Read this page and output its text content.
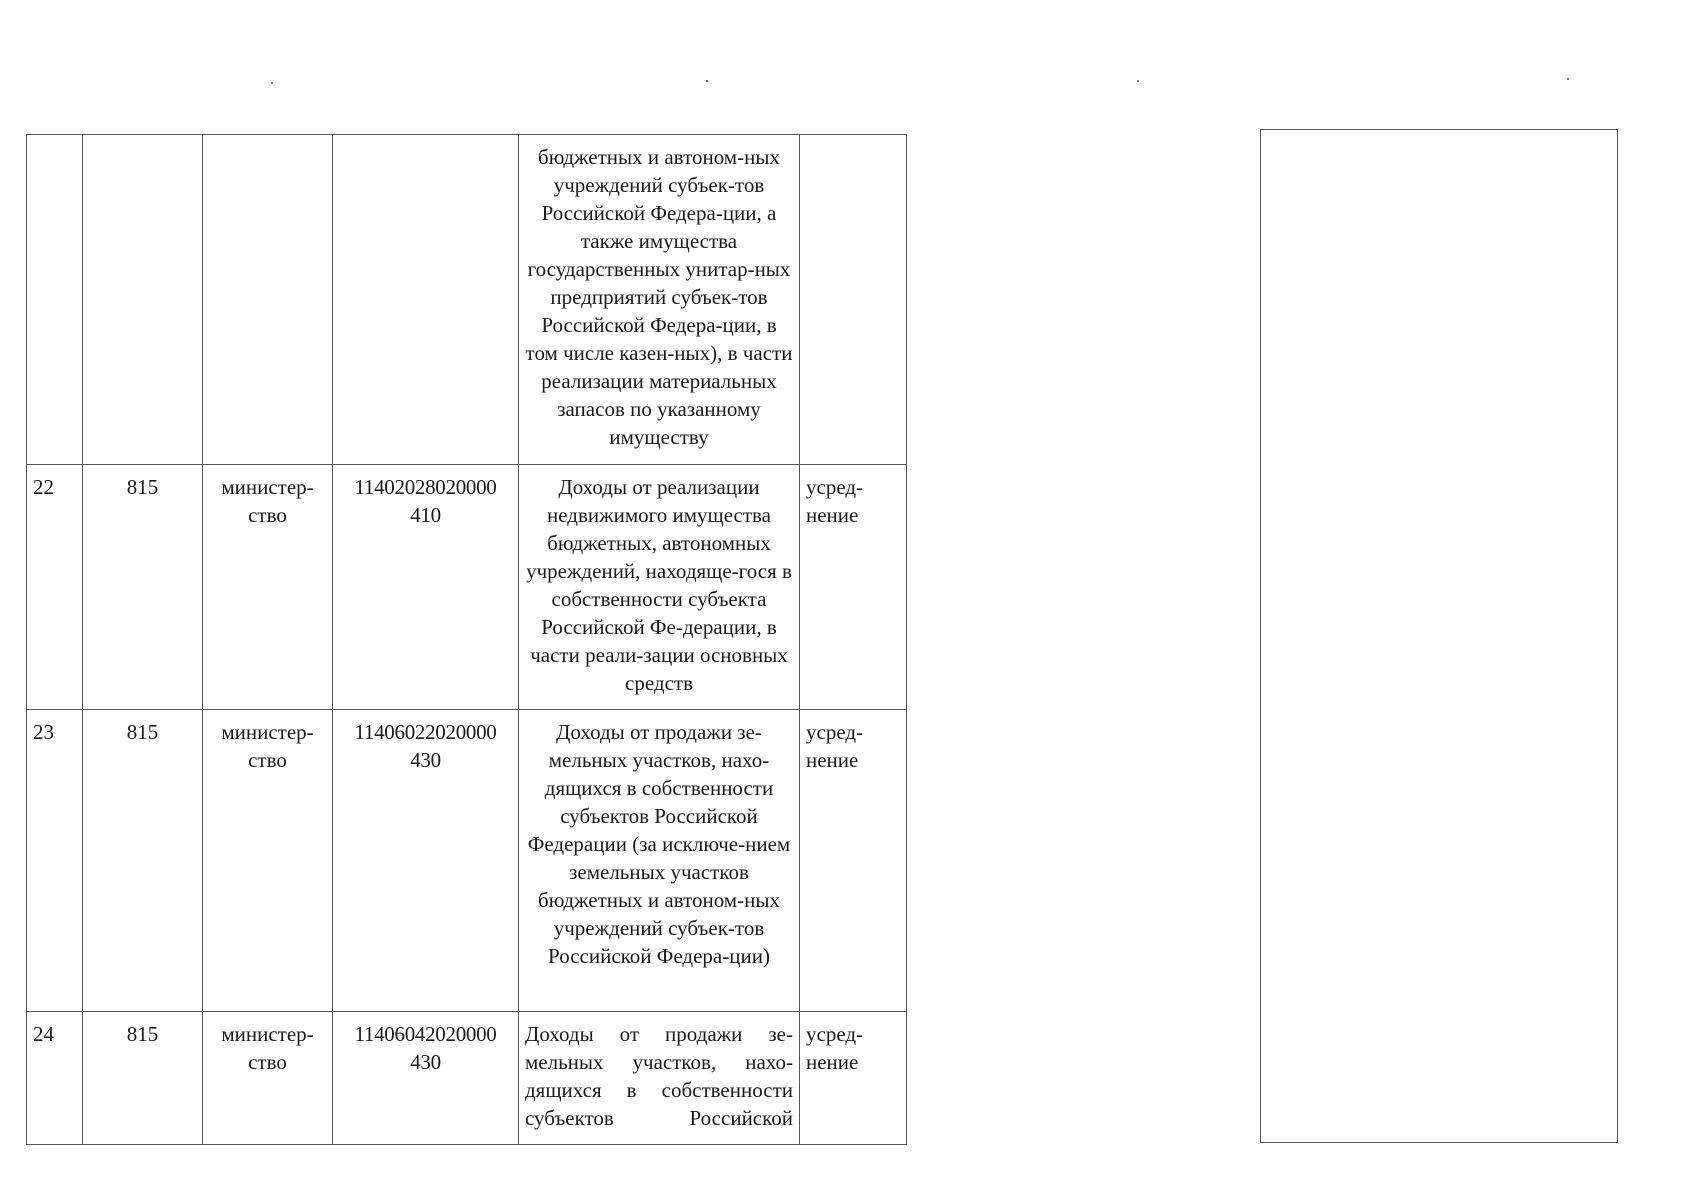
				бюджетных и автоном-ных учреждений субъек-тов Российской Федера-ции, а также имущества государственных унитар-ных предприятий субъек-тов Российской Федера-ции, в том числе казен-ных), в части реализации материальных запасов по указанному имуществу	
22	815	министер-ство	11402028020000 410	Доходы от реализации недвижимого имущества бюджетных, автономных учреждений, находяще-гося в собственности субъекта Российской Фе-дерации, в части реали-зации основных средств	усред-нение
23	815	министер-ство	11406022020000 430	Доходы от продажи зе-мельных участков, нахо-дящихся в собственности субъектов Российской Федерации (за исключе-нием земельных участков бюджетных и автоном-ных учреждений субъек-тов Российской Федера-ции)	усред-нение
24	815	министер-ство	11406042020000 430	Доходы от продажи зе-мельных участков, нахо-дящихся в собственности субъектов Российской	усред-нение
